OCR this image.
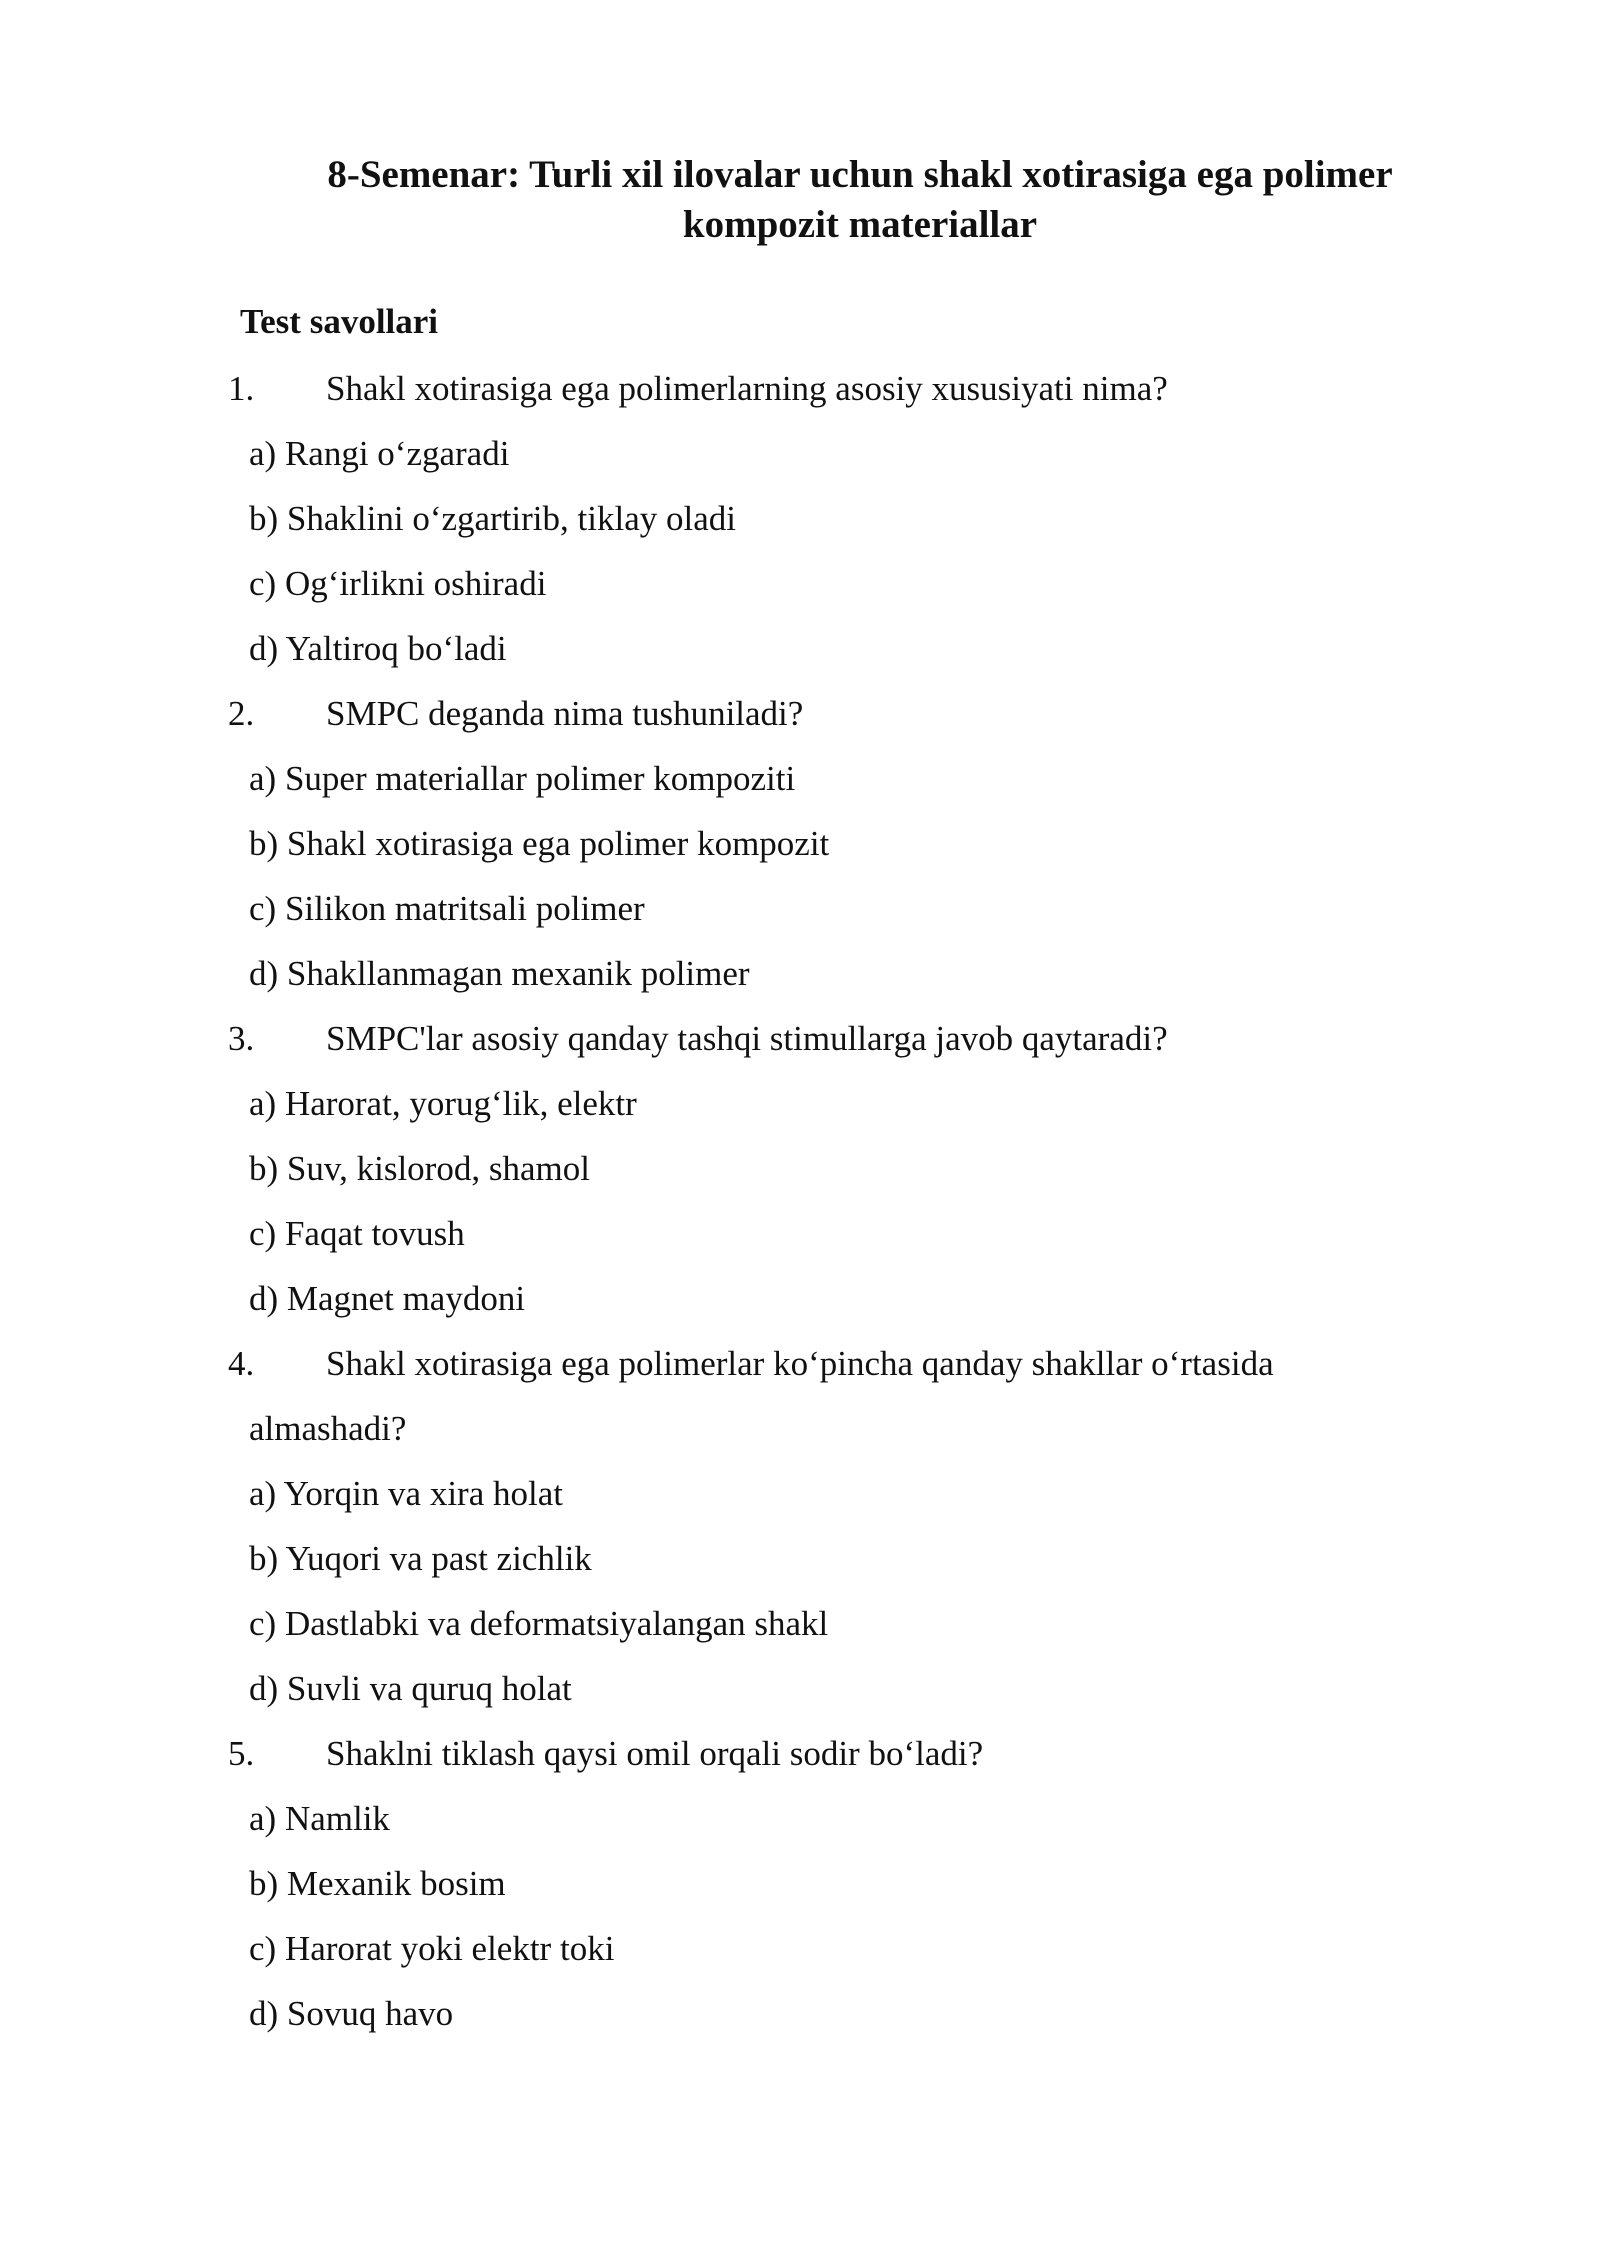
8-Semenar: Turli xil ilovalar uchun shakl xotirasiga ega polimer
kompozit materiallar
Test savollari
1. Shakl xotirasiga ega polimerlarning asosiy xususiyati nima?
a) Rangi o‘zgaradi
b) Shaklini o‘zgartirib, tiklay oladi
c) Og‘irlikni oshiradi
d) Yaltiroq bo‘ladi
2. SMPC deganda nima tushuniladi?
a) Super materiallar polimer kompoziti
b) Shakl xotirasiga ega polimer kompozit
c) Silikon matritsali polimer
d) Shakllanmagan mexanik polimer
3. SMPC'lar asosiy qanday tashqi stimullarga javob qaytaradi?
a) Harorat, yorug‘lik, elektr
b) Suv, kislorod, shamol
c) Faqat tovush
d) Magnet maydoni
4. Shakl xotirasiga ega polimerlar ko‘pincha qanday shakllar o‘rtasida
almashadi?
a) Yorqin va xira holat
b) Yuqori va past zichlik
c) Dastlabki va deformatsiyalangan shakl
d) Suvli va quruq holat
5. Shaklni tiklash qaysi omil orqali sodir bo‘ladi?
a) Namlik
b) Mexanik bosim
c) Harorat yoki elektr toki
d) Sovuq havo
